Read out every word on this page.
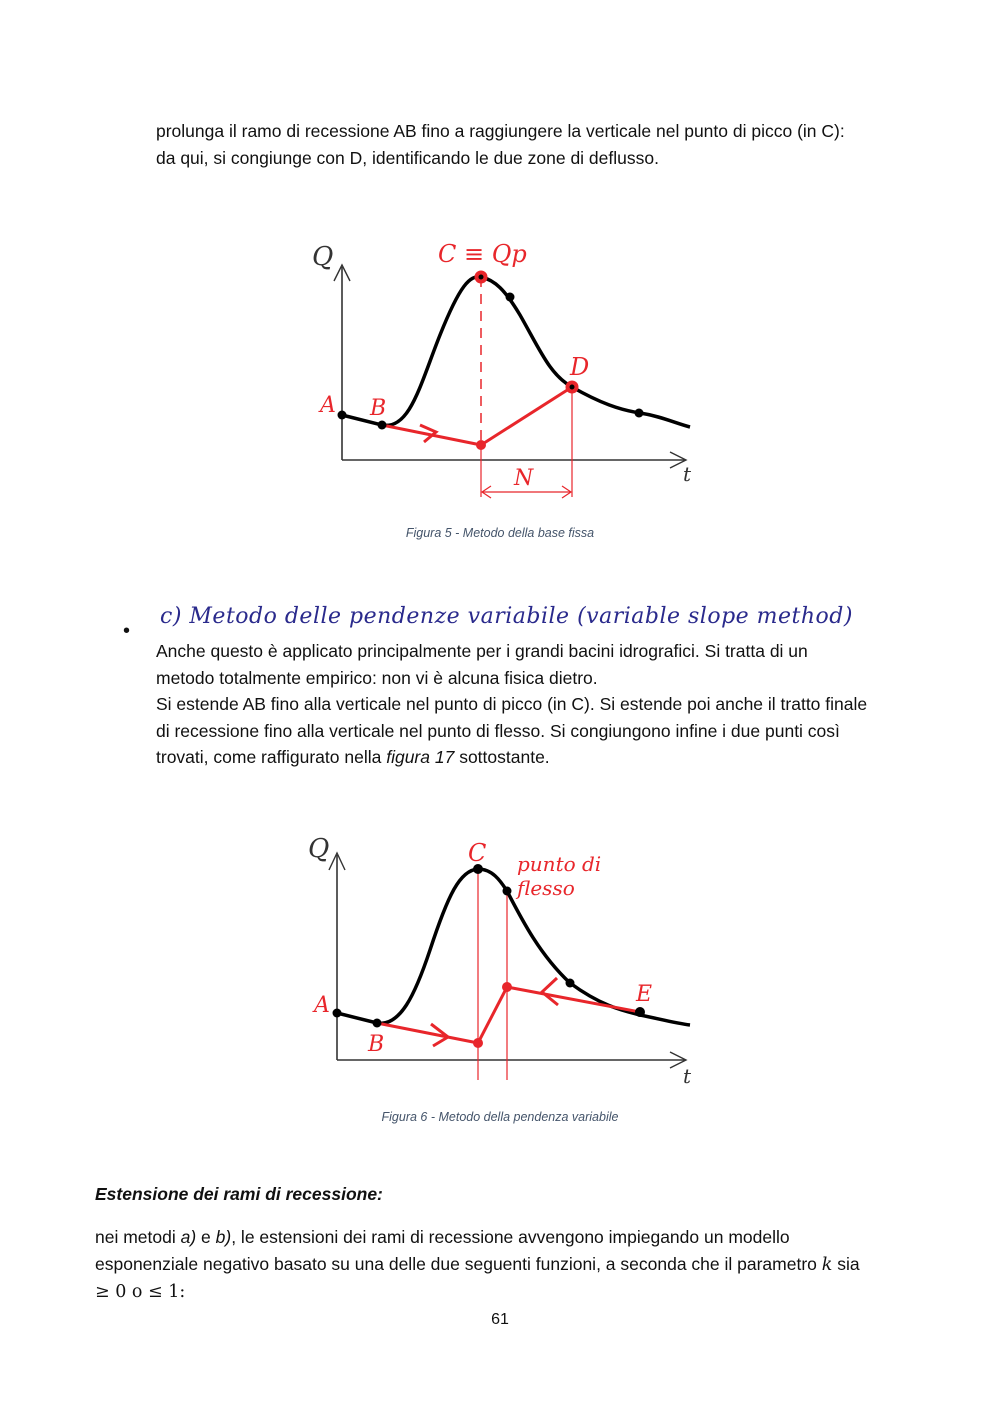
prolunga il ramo di recessione AB fino a raggiungere la verticale nel punto di picco (in C):
da qui, si congiunge con D, identificando le due zone di deflusso.
Q
t
A B
C ≡ Qp
D
N
Figura 5 - Metodo della base fissa
c) Metodo delle pendenze variabile (variable slope method)
•
Anche questo è applicato principalmente per i grandi bacini idrografici. Si tratta di un
metodo totalmente empirico: non vi è alcuna fisica dietro.
Si estende AB fino alla verticale nel punto di picco (in C). Si estende poi anche il tratto finale
di recessione fino alla verticale nel punto di flesso. Si congiungono infine i due punti così
trovati, come raffigurato nella figura 17 sottostante.
Q
t
A
B
C
E
punto di
flesso
Figura 6 - Metodo della pendenza variabile
Estensione dei rami di recessione:
nei metodi a) e b), le estensioni dei rami di recessione avvengono impiegando un modello
esponenziale negativo basato su una delle due seguenti funzioni, a seconda che il parametro k sia
≥ 0 o ≤ 1:
61
